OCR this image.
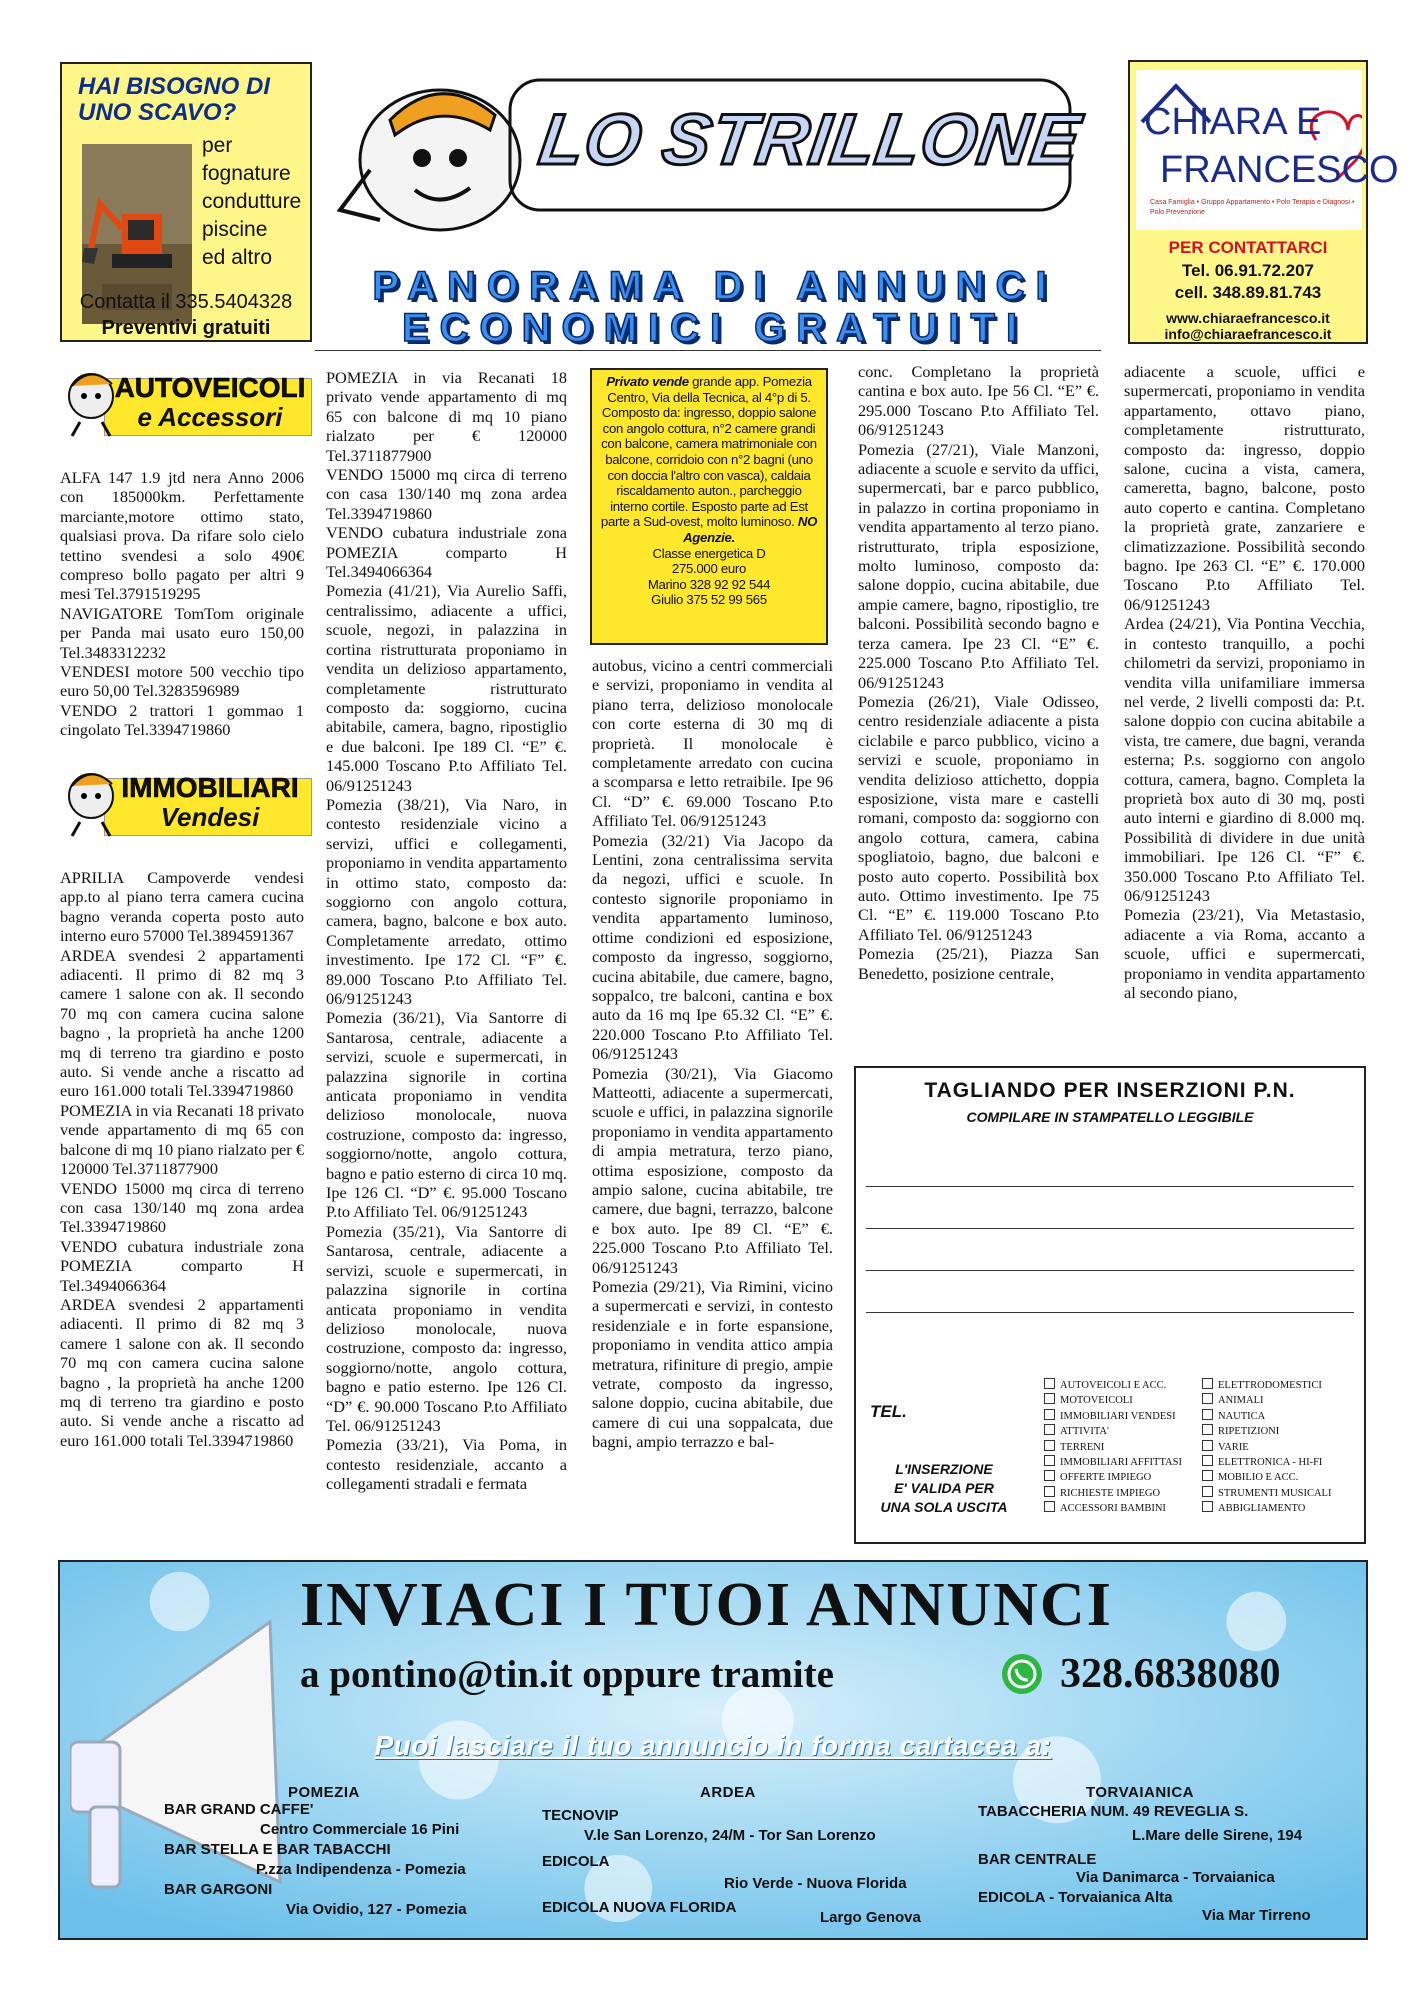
HAI BISOGNO DI
UNO SCAVO?
per
fognature
condutture
piscine
ed altro
Contatta il 335.5404328
Preventivi gratuiti
LO STRILLONE
PANORAMA DI ANNUNCI
ECONOMICI GRATUITI
CHIARA E
FRANCESCO
Casa Famiglia • Gruppo Appartamento • Polo Terapia e Diagnosi • Polo Prevenzione
PER CONTATTARCI
Tel. 06.91.72.207
cell. 348.89.81.743
www.chiaraefrancesco.it
info@chiaraefrancesco.it
AUTOVEICOLI
e Accessori
IMMOBILIARI
Vendesi

ALFA 147 1.9 jtd nera Anno 2006 con 185000km. Perfettamente marciante,motore ottimo stato, qualsiasi prova. Da rifare solo cielo tettino svendesi a solo 490€ compreso bollo pagato per altri 9 mesi Tel.3791519295

NAVIGATORE TomTom originale per Panda mai usato euro 150,00 Tel.3483312232

VENDESI motore 500 vecchio tipo euro 50,00 Tel.3283596989

VENDO 2 trattori 1 gommao 1 cingolato Tel.3394719860

APRILIA Campoverde vendesi app.to al piano terra camera cucina bagno veranda coperta posto auto interno euro 57000 Tel.3894591367

ARDEA svendesi 2 appartamenti adiacenti. Il primo di 82 mq 3 camere 1 salone con ak. Il secondo 70 mq con camera cucina salone bagno , la proprietà ha anche 1200 mq di terreno tra giardino e posto auto. Si vende anche a riscatto ad euro 161.000 totali Tel.3394719860

POMEZIA in via Recanati 18 privato vende appartamento di mq 65 con balcone di mq 10 piano rialzato per € 120000 Tel.3711877900

VENDO 15000 mq circa di terreno con casa 130/140 mq zona ardea Tel.3394719860

VENDO cubatura industriale zona POMEZIA comparto H Tel.3494066364

ARDEA svendesi 2 appartamenti adiacenti. Il primo di 82 mq 3 camere 1 salone con ak. Il secondo 70 mq con camera cucina salone bagno , la proprietà ha anche 1200 mq di terreno tra giardino e posto auto. Si vende anche a riscatto ad euro 161.000 totali Tel.3394719860

POMEZIA in via Recanati 18 privato vende appartamento di mq 65 con balcone di mq 10 piano rialzato per € 120000 Tel.3711877900

VENDO 15000 mq circa di terreno con casa 130/140 mq zona ardea Tel.3394719860

VENDO cubatura industriale zona POMEZIA comparto H Tel.3494066364

Pomezia (41/21), Via Aurelio Saffi, centralissimo, adiacente a uffici, scuole, negozi, in palazzina in cortina ristrutturata proponiamo in vendita un delizioso appartamento, completamente ristrutturato composto da: soggiorno, cucina abitabile, camera, bagno, ripostiglio e due balconi. Ipe 189 Cl. “E” €. 145.000 Toscano P.to Affiliato Tel. 06/91251243

Pomezia (38/21), Via Naro, in contesto residenziale vicino a servizi, uffici e collegamenti, proponiamo in vendita appartamento in ottimo stato, composto da: soggiorno con angolo cottura, camera, bagno, balcone e box auto. Completamente arredato, ottimo investimento. Ipe 172 Cl. “F” €. 89.000 Toscano P.to Affiliato Tel. 06/91251243

Pomezia (36/21), Via Santorre di Santarosa, centrale, adiacente a servizi, scuole e supermercati, in palazzina signorile in cortina anticata proponiamo in vendita delizioso monolocale, nuova costruzione, composto da: ingresso, soggiorno/notte, angolo cottura, bagno e patio esterno di circa 10 mq. Ipe 126 Cl. “D” €. 95.000 Toscano P.to Affiliato Tel. 06/91251243

Pomezia (35/21), Via Santorre di Santarosa, centrale, adiacente a servizi, scuole e supermercati, in palazzina signorile in cortina anticata proponiamo in vendita delizioso monolocale, nuova costruzione, composto da: ingresso, soggiorno/notte, angolo cottura, bagno e patio esterno. Ipe 126 Cl. “D” €. 90.000 Toscano P.to Affiliato Tel. 06/91251243

Pomezia (33/21), Via Poma, in contesto residenziale, accanto a collegamenti stradali e fermata

Privato vende grande app. Pomezia Centro, Via della Tecnica, al 4°p di 5. Composto da: ingresso, doppio salone con angolo cottura, n°2 camere grandi con balcone, camera matrimoniale con balcone, corridoio con n°2 bagni (uno con doccia l'altro con vasca), caldaia riscaldamento auton., parcheggio interno cortile. Esposto parte ad Est parte a Sud-ovest, molto luminoso. NO Agenzie.

Classe energetica D

275.000 euro

Marino 328 92 92 544

Giulio 375 52 99 565

autobus, vicino a centri commerciali e servizi, proponiamo in vendita al piano terra, delizioso monolocale con corte esterna di 30 mq di proprietà. Il monolocale è completamente arredato con cucina a scomparsa e letto retraibile. Ipe 96 Cl. “D” €. 69.000 Toscano P.to Affiliato Tel. 06/91251243

Pomezia (32/21) Via Jacopo da Lentini, zona centralissima servita da negozi, uffici e scuole. In contesto signorile proponiamo in vendita appartamento luminoso, ottime condizioni ed esposizione, composto da ingresso, soggiorno, cucina abitabile, due camere, bagno, soppalco, tre balconi, cantina e box auto da 16 mq Ipe 65.32 Cl. “E” €. 220.000 Toscano P.to Affiliato Tel. 06/91251243

Pomezia (30/21), Via Giacomo Matteotti, adiacente a supermercati, scuole e uffici, in palazzina signorile proponiamo in vendita appartamento di ampia metratura, terzo piano, ottima esposizione, composto da ampio salone, cucina abitabile, tre camere, due bagni, terrazzo, balcone e box auto. Ipe 89 Cl. “E” €. 225.000 Toscano P.to Affiliato Tel. 06/91251243

Pomezia (29/21), Via Rimini, vicino a supermercati e servizi, in contesto residenziale e in forte espansione, proponiamo in vendita attico ampia metratura, rifiniture di pregio, ampie vetrate, composto da ingresso, salone doppio, cucina abitabile, due camere di cui una soppalcata, due bagni, ampio terrazzo e bal-

conc. Completano la proprietà cantina e box auto. Ipe 56 Cl. “E” €. 295.000 Toscano P.to Affiliato Tel. 06/91251243

Pomezia (27/21), Viale Manzoni, adiacente a scuole e servito da uffici, supermercati, bar e parco pubblico, in palazzo in cortina proponiamo in vendita appartamento al terzo piano. ristrutturato, tripla esposizione, molto luminoso, composto da: salone doppio, cucina abitabile, due ampie camere, bagno, ripostiglio, tre balconi. Possibilità secondo bagno e terza camera. Ipe 23 Cl. “E” €. 225.000 Toscano P.to Affiliato Tel. 06/91251243

Pomezia (26/21), Viale Odisseo, centro residenziale adiacente a pista ciclabile e parco pubblico, vicino a servizi e scuole, proponiamo in vendita delizioso attichetto, doppia esposizione, vista mare e castelli romani, composto da: soggiorno con angolo cottura, camera, cabina spogliatoio, bagno, due balconi e posto auto coperto. Possibilità box auto. Ottimo investimento. Ipe 75 Cl. “E” €. 119.000 Toscano P.to Affiliato Tel. 06/91251243

Pomezia (25/21), Piazza San Benedetto, posizione centrale,

adiacente a scuole, uffici e supermercati, proponiamo in vendita appartamento, ottavo piano, completamente ristrutturato, composto da: ingresso, doppio salone, cucina a vista, camera, cameretta, bagno, balcone, posto auto coperto e cantina. Completano la proprietà grate, zanzariere e climatizzazione. Possibilità secondo bagno. Ipe 263 Cl. “E” €. 170.000 Toscano P.to Affiliato Tel. 06/91251243

Ardea (24/21), Via Pontina Vecchia, in contesto tranquillo, a pochi chilometri da servizi, proponiamo in vendita villa unifamiliare immersa nel verde, 2 livelli composti da: P.t. salone doppio con cucina abitabile a vista, tre camere, due bagni, veranda esterna; P.s. soggiorno con angolo cottura, camera, bagno. Completa la proprietà box auto di 30 mq, posti auto interni e giardino di 8.000 mq. Possibilità di dividere in due unità immobiliari. Ipe 126 Cl. “F” €. 350.000 Toscano P.to Affiliato Tel. 06/91251243

Pomezia (23/21), Via Metastasio, adiacente a via Roma, accanto a scuole, uffici e supermercati, proponiamo in vendita appartamento al secondo piano,

TAGLIANDO PER INSERZIONI P.N.
COMPILARE IN STAMPATELLO LEGGIBILE
TEL.
L'INSERZIONE
E' VALIDA PER
UNA SOLA USCITA
AUTOVEICOLI E ACC.
MOTOVEICOLI
IMMOBILIARI VENDESI
ATTIVITA'
TERRENI
IMMOBILIARI AFFITTASI
OFFERTE IMPIEGO
RICHIESTE IMPIEGO
ACCESSORI BAMBINI
ELETTRODOMESTICI
ANIMALI
NAUTICA
RIPETIZIONI
VARIE
ELETTRONICA - HI-FI
MOBILIO E ACC.
STRUMENTI MUSICALI
ABBIGLIAMENTO
INVIACI I TUOI ANNUNCI
a pontino@tin.it oppure tramite	328.6838080
Puoi lasciare il tuo annuncio in forma cartacea a:
POMEZIA
BAR GRAND CAFFE'
Centro Commerciale 16 Pini
BAR STELLA E BAR TABACCHI
P.zza Indipendenza - Pomezia
BAR GARGONI
Via Ovidio, 127 - Pomezia
ARDEA
TECNOVIP
V.le San Lorenzo, 24/M - Tor San Lorenzo
EDICOLA
Rio Verde - Nuova Florida
EDICOLA NUOVA FLORIDA
Largo Genova
TORVAIANICA
TABACCHERIA NUM. 49 REVEGLIA S.
L.Mare delle Sirene, 194
BAR CENTRALE
Via Danimarca - Torvaianica
EDICOLA - Torvaianica Alta
Via Mar Tirreno
